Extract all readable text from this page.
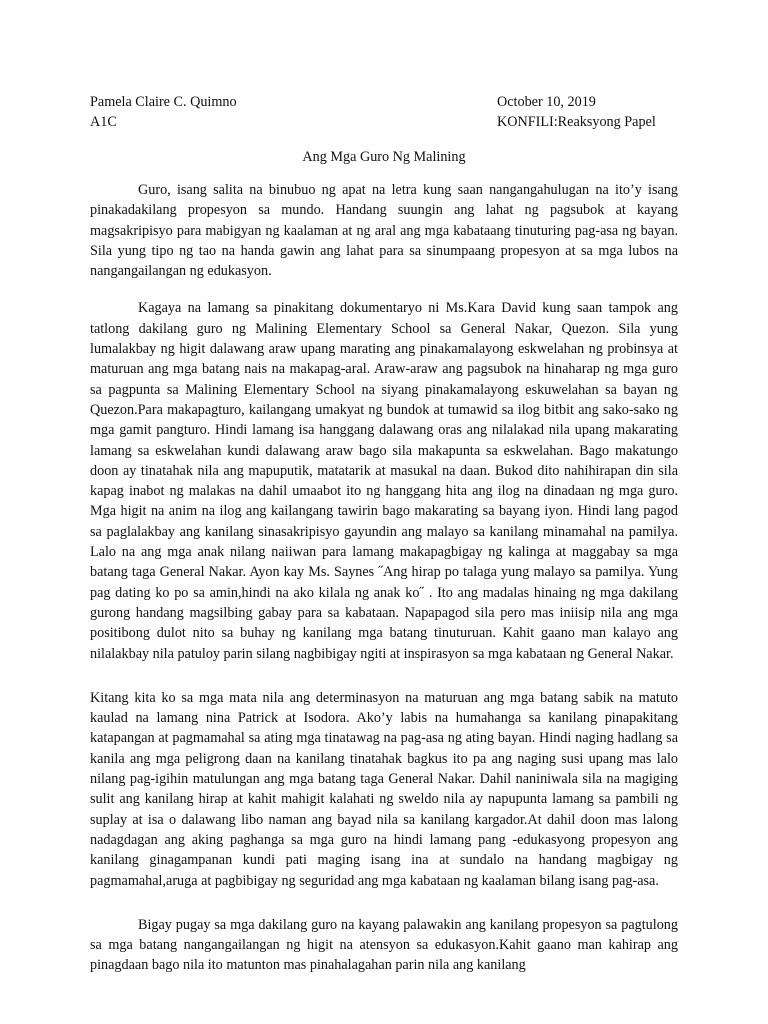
Pamela Claire C. Quimno
A1C
October 10, 2019
KONFILI:Reaksyong Papel
Ang Mga Guro Ng Malining

Guro, isang salita na binubuo ng apat na letra kung saan nangangahulugan na ito’y isang pinakadakilang propesyon sa mundo. Handang suungin ang lahat ng pagsubok at kayang magsakripisyo para mabigyan ng kaalaman at ng aral ang mga kabataang tinuturing pag-asa ng bayan. Sila yung tipo ng tao na handa gawin ang lahat para sa sinumpaang propesyon at sa mga lubos na nangangailangan ng edukasyon.

Kagaya na lamang sa pinakitang dokumentaryo ni Ms.Kara David kung saan tampok ang tatlong dakilang guro ng Malining Elementary School sa General Nakar, Quezon. Sila yung lumalakbay ng higit dalawang araw upang marating ang pinakamalayong eskwelahan ng probinsya at maturuan ang mga batang nais na makapag-aral. Araw-araw ang pagsubok na hinaharap ng mga guro sa pagpunta sa Malining Elementary School na siyang pinakamalayong eskuwelahan sa bayan ng Quezon.Para makapagturo, kailangang umakyat ng bundok at tumawid sa ilog bitbit ang sako-sako ng mga gamit pangturo. Hindi lamang isa hanggang dalawang oras ang nilalakad nila upang makarating lamang sa eskwelahan kundi dalawang araw bago sila makapunta sa eskwelahan. Bago makatungo doon ay tinatahak nila ang mapuputik, matatarik at masukal na daan. Bukod dito nahihirapan din sila kapag inabot ng malakas na dahil umaabot ito ng hanggang hita ang ilog na dinadaan ng mga guro. Mga higit na anim na ilog ang kailangang tawirin bago makarating sa bayang iyon. Hindi lang pagod sa paglalakbay ang kanilang sinasakripisyo gayundin ang malayo sa kanilang minamahal na pamilya. Lalo na ang mga anak nilang naiiwan para lamang makapagbigay ng kalinga at maggabay sa mga batang taga General Nakar. Ayon kay Ms. Saynes ˝Ang hirap po talaga yung malayo sa pamilya. Yung pag dating ko po sa amin,hindi na ako kilala ng anak ko˝ . Ito ang madalas hinaing ng mga dakilang gurong handang magsilbing gabay para sa kabataan. Napapagod sila pero mas iniisip nila ang mga positibong dulot nito sa buhay ng kanilang mga batang tinuturuan. Kahit gaano man kalayo ang nilalakbay nila patuloy parin silang nagbibigay ngiti at inspirasyon sa mga kabataan ng General Nakar.

Kitang kita ko sa mga mata nila ang determinasyon na maturuan ang mga batang sabik na matuto kaulad na lamang nina Patrick at Isodora. Ako’y labis na humahanga sa kanilang pinapakitang katapangan at pagmamahal sa ating mga tinatawag na pag-asa ng ating bayan. Hindi naging hadlang sa kanila ang mga peligrong daan na kanilang tinatahak bagkus ito pa ang naging susi upang mas lalo nilang pag-igihin matulungan ang mga batang taga General Nakar. Dahil naniniwala sila na magiging sulit ang kanilang hirap at kahit mahigit kalahati ng sweldo nila ay napupunta lamang sa pambili ng suplay at isa o dalawang libo naman ang bayad nila sa kanilang kargador.At dahil doon mas lalong nadagdagan ang aking paghanga sa mga guro na hindi lamang pang -edukasyong propesyon ang kanilang ginagampanan kundi pati maging isang ina at sundalo na handang magbigay ng pagmamahal,aruga at pagbibigay ng seguridad ang mga kabataan ng kaalaman bilang isang pag-asa.

Bigay pugay sa mga dakilang guro na kayang palawakin ang kanilang propesyon sa pagtulong sa mga batang nangangailangan ng higit na atensyon sa edukasyon.Kahit gaano man kahirap ang pinagdaan bago nila ito matunton mas pinahalagahan parin nila ang kanilang
